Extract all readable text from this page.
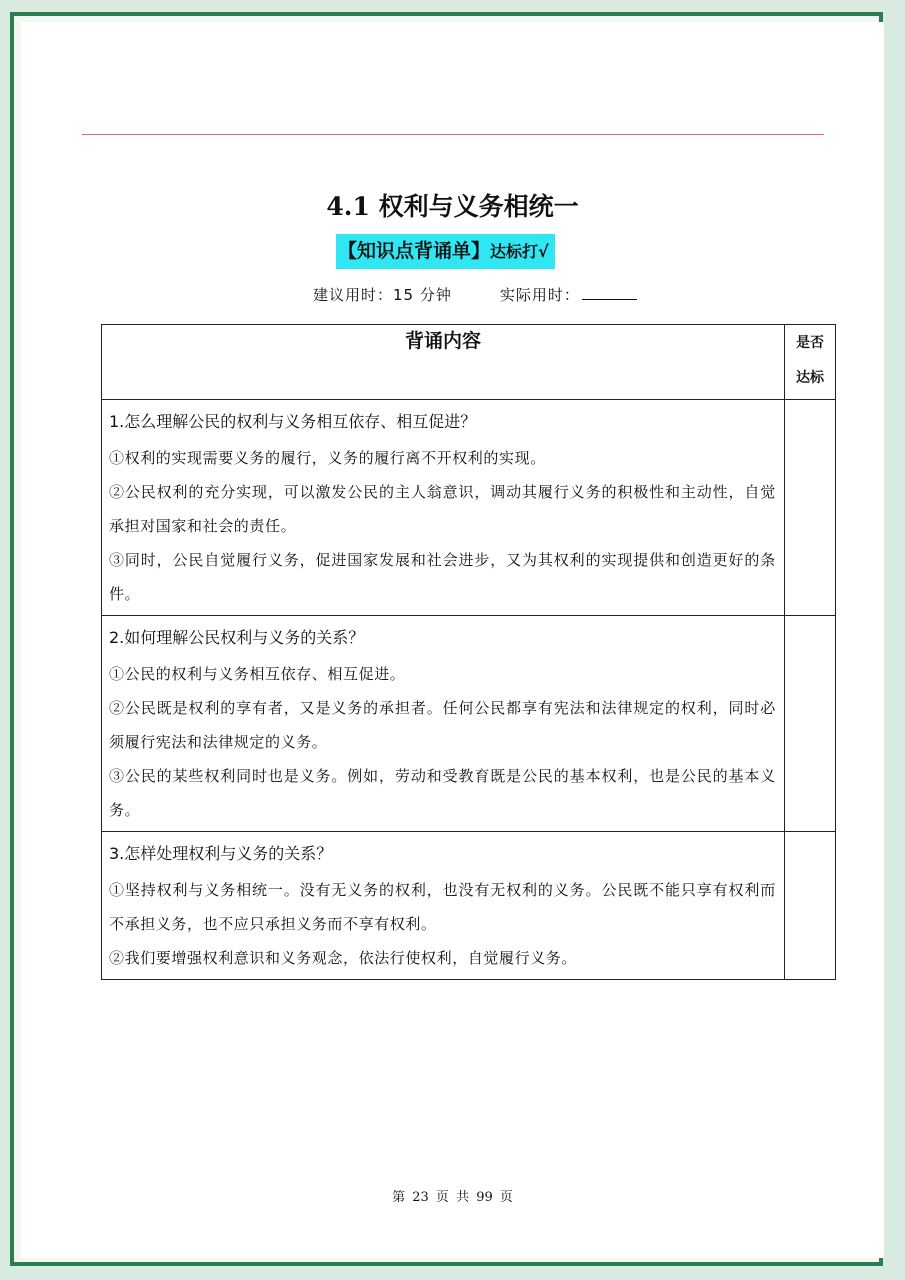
4.1 权利与义务相统一
【知识点背诵单】达标打√
建议用时：15 分钟	实际用时：
背诵内容	是否
达标

1.怎么理解公民的权利与义务相互依存、相互促进？
①权利的实现需要义务的履行，义务的履行离不开权利的实现。
②公民权利的充分实现，可以激发公民的主人翁意识，调动其履行义务的积极性和主动性，自觉承担对国家和社会的责任。
③同时，公民自觉履行义务，促进国家发展和社会进步，又为其权利的实现提供和创造更好的条件。	

2.如何理解公民权利与义务的关系？
①公民的权利与义务相互依存、相互促进。
②公民既是权利的享有者，又是义务的承担者。任何公民都享有宪法和法律规定的权利，同时必须履行宪法和法律规定的义务。
③公民的某些权利同时也是义务。例如，劳动和受教育既是公民的基本权利，也是公民的基本义务。	

3.怎样处理权利与义务的关系？
①坚持权利与义务相统一。没有无义务的权利，也没有无权利的义务。公民既不能只享有权利而不承担义务，也不应只承担义务而不享有权利。
②我们要增强权利意识和义务观念，依法行使权利，自觉履行义务。	

第 23 页 共 99 页
